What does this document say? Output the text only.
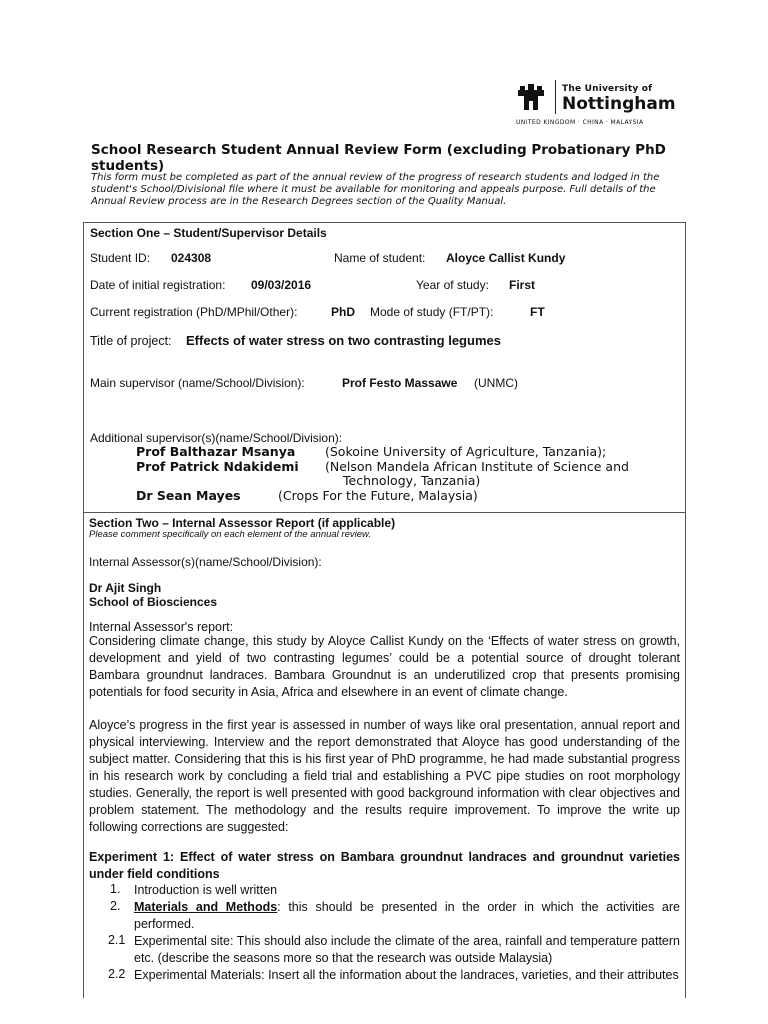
The University of
Nottingham
UNITED KINGDOM · CHINA · MALAYSIA
School Research Student Annual Review Form (excluding Probationary PhD students)
This form must be completed as part of the annual review of the progress of research students and lodged in the student's School/Divisional file where it must be available for monitoring and appeals purpose. Full details of the Annual Review process are in the Research Degrees section of the Quality Manual.
Section One – Student/Supervisor Details
Student ID: 024308	Name of student: Aloyce Callist Kundy
Date of initial registration: 09/03/2016	Year of study: First
Current registration (PhD/MPhil/Other):	PhD Mode of study (FT/PT):	FT
Title of project: Effects of water stress on two contrasting legumes
Main supervisor (name/School/Division):	Prof Festo Massawe (UNMC)
Additional supervisor(s)(name/School/Division):
Prof Balthazar Msanya (Sokoine University of Agriculture, Tanzania);
Prof Patrick Ndakidemi (Nelson Mandela African Institute of Science and
Technology, Tanzania)
Dr Sean Mayes	(Crops For the Future, Malaysia)
Section Two – Internal Assessor Report (if applicable)
Please comment specifically on each element of the annual review.
Internal Assessor(s)(name/School/Division):
Dr Ajit Singh
School of Biosciences
Internal Assessor's report:
Considering climate change, this study by Aloyce Callist Kundy on the ‘Effects of water stress on growth, development and yield of two contrasting legumes’ could be a potential source of drought tolerant Bambara groundnut landraces. Bambara Groundnut is an underutilized crop that presents promising potentials for food security in Asia, Africa and elsewhere in an event of climate change.
Aloyce’s progress in the first year is assessed in number of ways like oral presentation, annual report and physical interviewing. Interview and the report demonstrated that Aloyce has good understanding of the subject matter. Considering that this is his first year of PhD programme, he had made substantial progress in his research work by concluding a field trial and establishing a PVC pipe studies on root morphology studies. Generally, the report is well presented with good background information with clear objectives and problem statement. The methodology and the results require improvement. To improve the write up following corrections are suggested:
Experiment 1: Effect of water stress on Bambara groundnut landraces and groundnut varieties under field conditions
1. Introduction is well written
2. Materials and Methods: this should be presented in the order in which the activities are performed.
2.1 Experimental site: This should also include the climate of the area, rainfall and temperature pattern etc. (describe the seasons more so that the research was outside Malaysia)
2.2 Experimental Materials: Insert all the information about the landraces, varieties, and their attributes
